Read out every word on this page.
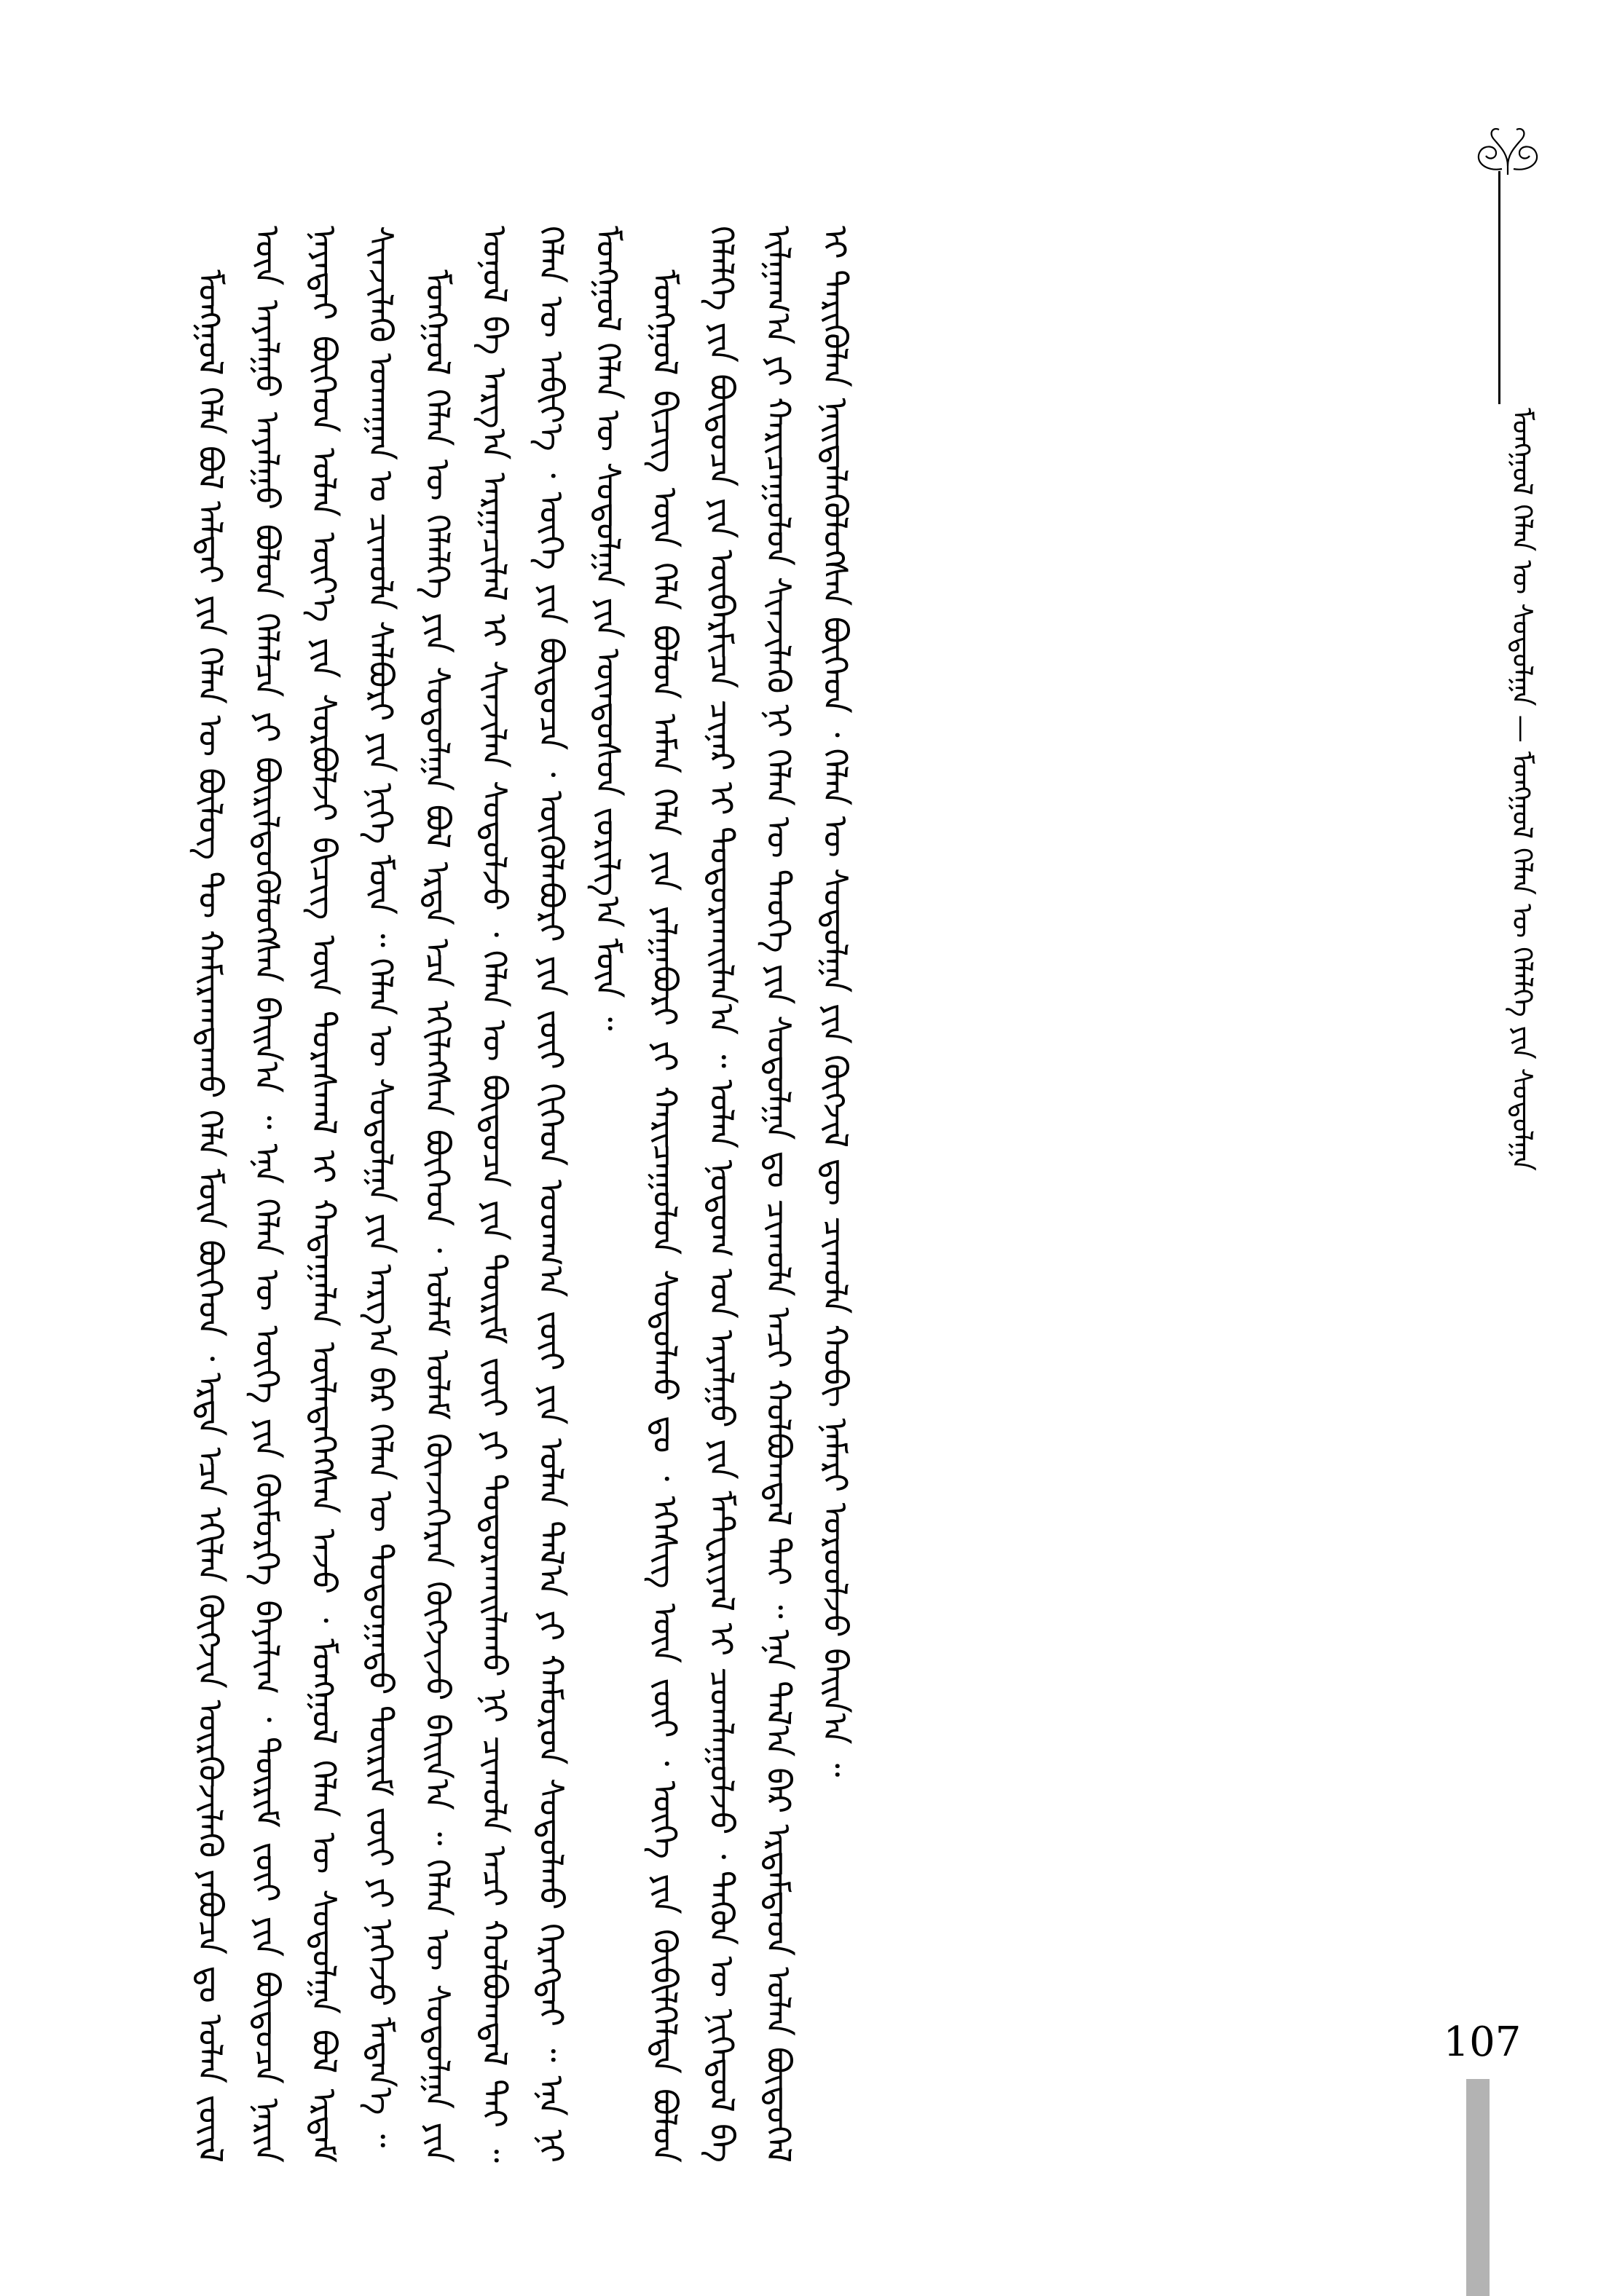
ᠮᠣᠩᠭᠣᠯ ᠬᠡᠯᠡᠨ ᠦ ᠰᠤᠳᠤᠯᠭᠠ — ᠮᠣᠩᠭᠣᠯ ᠬᠡᠯᠡᠨ ᠦ ᠬᠡᠯᠡᠯᠭᠡ ᠶᠢᠨ ᠰᠤᠳᠤᠯᠭᠠ

ᠮᠣᠩᠭᠣᠯ ᠬᠡᠯᠡ ᠪᠣᠯ ᠠᠯᠲᠠᠢ ᠶᠢᠨ ᠬᠡᠯᠡᠨ ᠦ ᠪᠦᠯᠦᠭ ᠲᠦ ᠬᠠᠮᠢᠷᠠᠭᠳᠠᠬᠤ ᠬᠡᠯᠡ ᠮᠥᠨ ᠪᠥᠭᠡᠳ ᠂ ᠡᠷᠲᠡ ᠡᠴᠡ ᠡᠬᠢᠯᠡᠨ ᠬᠥᠭᠵᠢᠨ ᠦᠷᠭᠦᠵᠢᠯᠡᠬᠦ ᠶᠠᠪᠤᠴᠠ ᠳᠤ ᠣᠯᠠᠨ ᠵᠦᠢᠯ ᠦᠨ ᠠᠶᠠᠯᠭᠤ ᠠᠶᠠᠯᠭᠤ ᠪᠣᠯᠤᠨ ᠬᠡᠯᠡᠯᠴᠡ ᠶᠢ ᠪᠦᠷᠢᠯᠳᠦᠭᠦᠯᠦᠭᠰᠡᠨ ᠪᠠᠢᠨ᠎ᠠ ᠃ ᠡᠨᠡ ᠬᠡᠯᠡᠨ ᠦ ᠦᠭᠡ ᠶᠢᠨ ᠬᠥᠮᠥᠷᠭᠡ ᠪᠠᠶᠠᠯᠢᠭ ᠂ ᠳᠦᠷᠢᠮ ᠵᠦᠢ ᠶᠢᠨ ᠪᠦᠲᠦᠴᠡ ᠨᠠᠷᠢᠨ ᠨᠠᠶᠠᠳᠠᠢ ᠪᠥᠭᠡᠳ ᠣᠯᠠᠨ ᠦᠶ᠎ᠡ ᠶᠢᠨ ᠰᠤᠷᠪᠤᠯᠵᠢ ᠪᠢᠴᠢᠭ ᠦᠨ ᠳᠤᠷᠠᠰᠬᠠᠯ ᠢ ᠬᠠᠳᠠᠭᠠᠯᠠᠨ ᠦᠯᠡᠳᠡᠭᠡᠭᠰᠡᠨ ᠠᠵᠤ ᠂ ᠮᠣᠩᠭᠣᠯ ᠬᠡᠯᠡᠨ ᠦ ᠰᠤᠳᠤᠯᠭᠠ ᠪᠣᠯ ᠡᠷᠳᠡᠮ ᠰᠢᠨᠵᠢᠯᠡᠬᠦ ᠤᠬᠠᠭᠠᠨ ᠤ ᠴᠢᠬᠤᠯᠠ ᠰᠠᠯᠪᠤᠷᠢ ᠶᠢᠨ ᠨᠢᠭᠡ ᠮᠥᠨ ᠃ ᠬᠡᠯᠡᠨ ᠦ ᠰᠤᠳᠤᠯᠭᠠ ᠶᠢᠨ ᠠᠷᠭ᠎ᠠ ᠪᠠᠷ ᠬᠡᠯᠡᠨ ᠦ ᠳᠣᠲᠣᠭᠠᠳᠤ ᠳᠦᠷᠢᠮ ᠵᠦᠢ ᠶᠢ ᠨᠡᠬᠡᠵᠦ ᠮᠡᠳᠡᠨ᠎ᠡ ᠃ ᠮᠣᠩᠭᠣᠯ ᠬᠡᠯᠡᠨ ᠦ ᠬᠡᠯᠡᠯᠭᠡ ᠶᠢᠨ ᠰᠤᠳᠤᠯᠭᠠ ᠪᠣᠯ ᠡᠷᠲᠡ ᠡᠴᠡ ᠡᠬᠢᠯᠡᠭᠰᠡᠨ ᠪᠥᠭᠡᠳ ᠂ ᠤᠯᠠᠮ ᠤᠯᠠᠮ ᠭᠦᠨᠵᠡᠭᠡᠷᠡᠨ ᠬᠥᠭᠵᠢᠵᠦ ᠪᠠᠢᠨ᠎ᠠ ᠃ ᠬᠡᠯᠡᠨ ᠦ ᠰᠤᠳᠤᠯᠭᠠ ᠶᠢᠨ ᠣᠨᠣᠯ ᠪᠠ ᠠᠷᠭ᠎ᠠ ᠠᠷᠭᠠᠴᠢᠯᠠᠯ ᠢ ᠰᠢᠨᠵᠢᠯᠡᠨ ᠰᠤᠳᠤᠯᠵᠤ ᠂ ᠬᠡᠯᠡᠨ ᠦ ᠪᠦᠲᠦᠴᠡ ᠶᠢᠨ ᠳᠦᠷᠢᠮ ᠵᠦᠢ ᠶᠢ ᠲᠣᠳᠤᠷᠬᠠᠢᠯᠠᠬᠤ ᠨᠢ ᠴᠢᠬᠤᠯᠠ ᠠᠴᠢ ᠬᠣᠯᠪᠣᠭᠳᠠᠯ ᠲᠠᠢ ᠃ ᠬᠡᠯᠡᠨ ᠦ ᠠᠪᠢᠶ᠎ᠡ ᠂ ᠦᠭᠡ ᠶᠢᠨ ᠪᠦᠲᠦᠴᠡ ᠂ ᠦᠭᠦᠯᠡᠪᠦᠷᠢ ᠶᠢᠨ ᠵᠦᠢ ᠬᠢᠭᠡᠳ ᠤᠳᠬ᠎ᠠ ᠵᠦᠢ ᠶᠢᠨ ᠣᠯᠠᠨ ᠲᠠᠯ᠎ᠠ ᠶᠢ ᠬᠠᠮᠤᠷᠤᠨ ᠰᠤᠳᠤᠯᠬᠤ ᠬᠡᠷᠡᠭᠲᠡᠢ ᠃ ᠡᠨᠡ ᠨᠢ ᠮᠣᠩᠭᠣᠯ ᠬᠡᠯᠡᠨ ᠦ ᠰᠤᠳᠤᠯᠭᠠ ᠶᠢᠨ ᠦᠨᠳᠦᠰᠦᠨ ᠵᠣᠷᠢᠯᠭ᠎ᠠ ᠮᠥᠨ ᠃ ᠮᠣᠩᠭᠣᠯ ᠪᠢᠴᠢᠭ ᠦᠨ ᠬᠡᠯᠡ ᠪᠣᠯᠤᠨ ᠠᠮᠠᠨ ᠬᠡᠯᠡ ᠶᠢᠨ ᠶᠠᠯᠭᠠᠪᠤᠷᠢ ᠶᠢ ᠬᠠᠷᠢᠴᠠᠭᠤᠯᠤᠨ ᠰᠤᠳᠤᠯᠬᠤ ᠳᠤ ᠂ ᠡᠭᠡᠰᠢᠭ ᠦᠨ ᠵᠦᠢ ᠂ ᠦᠭᠡ ᠶᠢᠨ ᠬᠦᠪᠢᠯᠬᠡᠯᠲᠡ ᠪᠣᠯᠤᠨ ᠬᠡᠯᠡᠯᠭᠡ ᠶᠢᠨ ᠪᠦᠲᠦᠴᠡ ᠶᠢᠨ ᠥᠪᠡᠷᠮᠢᠴᠡ ᠴᠢᠨᠠᠷ ᠢ ᠲᠣᠳᠤᠷᠬᠠᠢᠯᠠᠨ᠎ᠠ ᠃ ᠣᠯᠠᠨ ᠨᠤᠲᠤᠭ ᠤᠨ ᠠᠶᠠᠯᠭᠤ ᠶᠢᠨ ᠮᠠᠲᠧᠷᠢᠶᠠᠯ ᠢ ᠴᠤᠭᠯᠠᠭᠤᠯᠵᠤ ᠂ ᠲᠡᠭᠦᠨ ᠦ ᠨᠢᠭᠡᠳᠦᠯ ᠪᠠ ᠢᠯᠭᠠᠭ᠎ᠠ ᠶᠢ ᠬᠠᠷᠢᠴᠠᠭᠤᠯᠤᠨ ᠰᠢᠨᠵᠢᠯᠡᠬᠦ ᠨᠢ ᠬᠡᠯᠡᠨ ᠦ ᠲᠡᠦᠬᠡ ᠶᠢᠨ ᠰᠤᠳᠤᠯᠭᠠ ᠳᠤ ᠴᠢᠬᠤᠯᠠ ᠠᠴᠢ ᠬᠣᠯᠪᠣᠭᠳᠠᠯ ᠲᠠᠢ ᠃ ᠡᠨᠡ ᠲᠠᠯ᠎ᠠ ᠪᠠᠷ ᠡᠷᠳᠡᠮᠲᠡᠳ ᠣᠯᠠᠨ ᠪᠦᠲᠦᠭᠡᠯ ᠢ ᠲᠡᠷᠢᠭᠦᠯᠡᠨ ᠨᠡᠢᠲᠡᠯᠡᠭᠦᠯᠦᠭᠰᠡᠨ ᠪᠥᠭᠡᠳ ᠂ ᠬᠡᠯᠡᠨ ᠦ ᠰᠤᠳᠤᠯᠭᠠ ᠶᠢᠨ ᠬᠥᠭᠵᠢᠯ ᠳᠦ ᠴᠢᠬᠤᠯᠠ ᠬᠤᠪᠢ ᠨᠡᠮᠡᠷᠢ ᠣᠷᠤᠤᠯᠵᠤ ᠪᠠᠢᠨ᠎ᠠ ᠃

107
